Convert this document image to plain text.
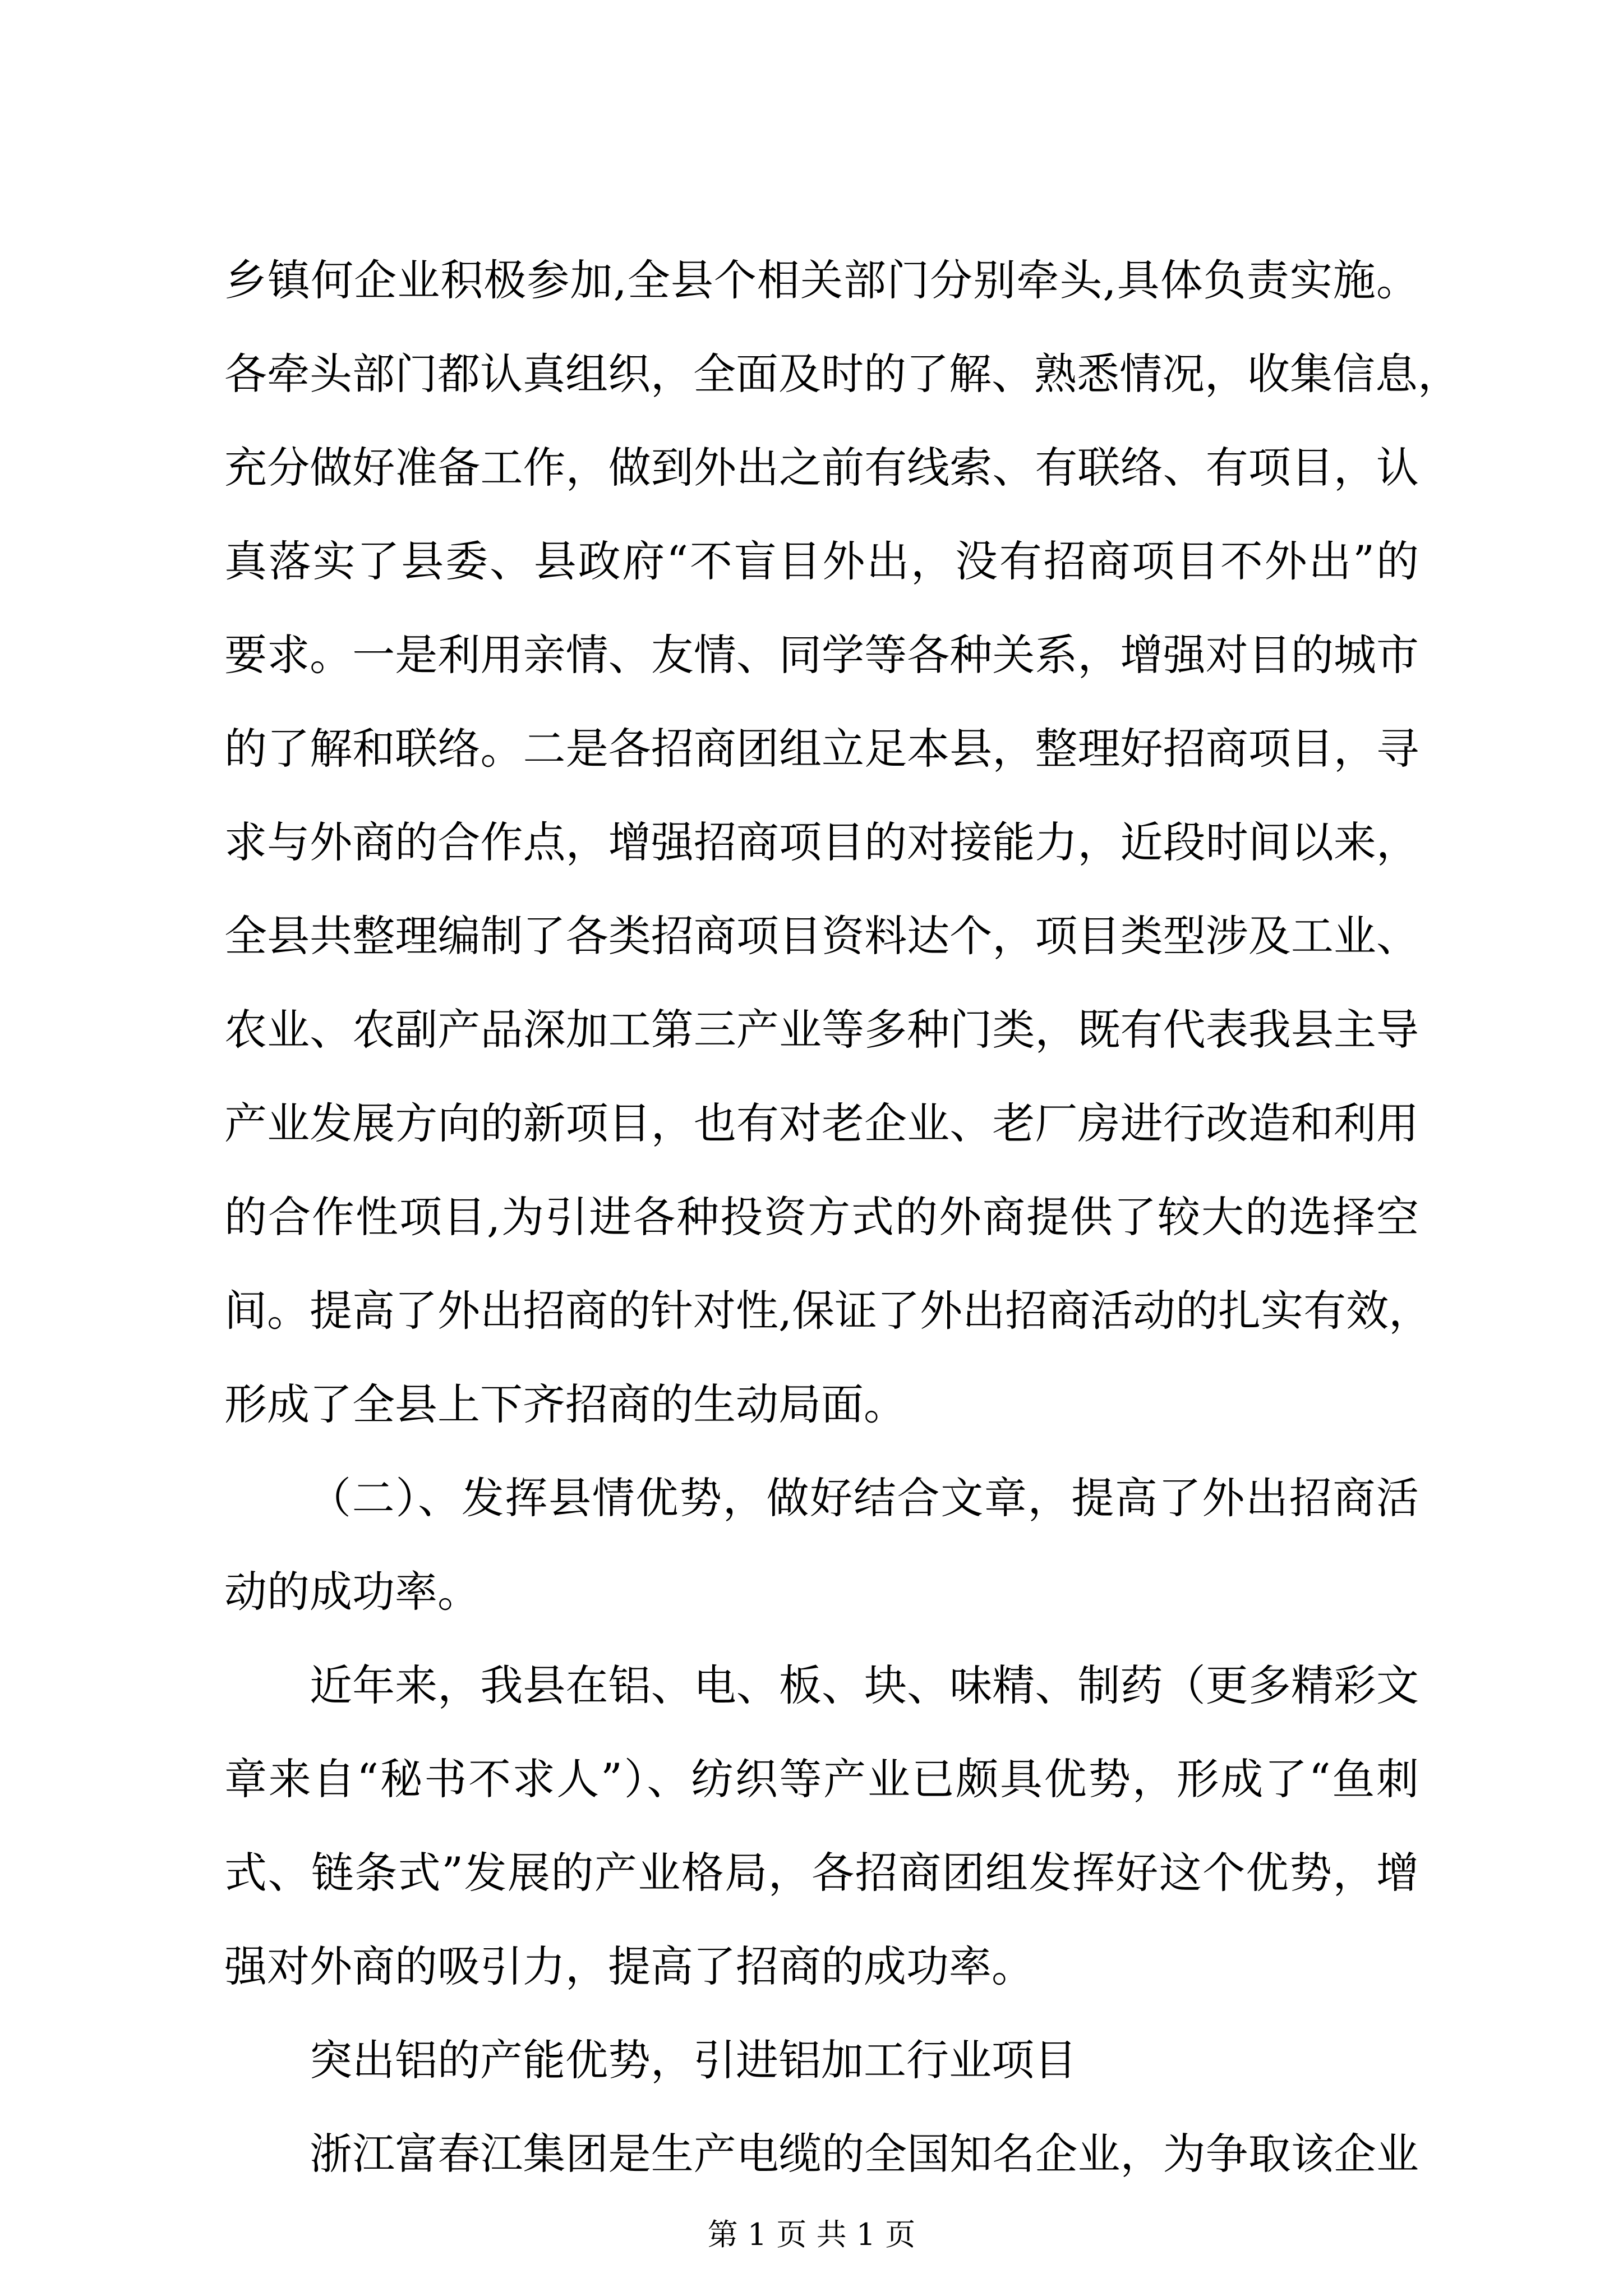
乡镇何企业积极参加,全县个相关部门分别牵头,具体负责实施。
各牵头部门都认真组织，全面及时的了解、熟悉情况，收集信息，
充分做好准备工作，做到外出之前有线索、有联络、有项目，认
真落实了县委、县政府“不盲目外出，没有招商项目不外出”的
要求。一是利用亲情、友情、同学等各种关系，增强对目的城市
的了解和联络。二是各招商团组立足本县，整理好招商项目，寻
求与外商的合作点，增强招商项目的对接能力，近段时间以来，
全县共整理编制了各类招商项目资料达个，项目类型涉及工业、
农业、农副产品深加工第三产业等多种门类，既有代表我县主导
产业发展方向的新项目，也有对老企业、老厂房进行改造和利用
的合作性项目,为引进各种投资方式的外商提供了较大的选择空
间。提高了外出招商的针对性,保证了外出招商活动的扎实有效，
形成了全县上下齐招商的生动局面。
（二）、发挥县情优势，做好结合文章，提高了外出招商活
动的成功率。
近年来，我县在铝、电、板、块、味精、制药（更多精彩文
章来自“秘书不求人”）、纺织等产业已颇具优势，形成了“鱼刺
式、链条式”发展的产业格局，各招商团组发挥好这个优势，增
强对外商的吸引力，提高了招商的成功率。
突出铝的产能优势，引进铝加工行业项目
浙江富春江集团是生产电缆的全国知名企业，为争取该企业
第 1 页 共 1 页
